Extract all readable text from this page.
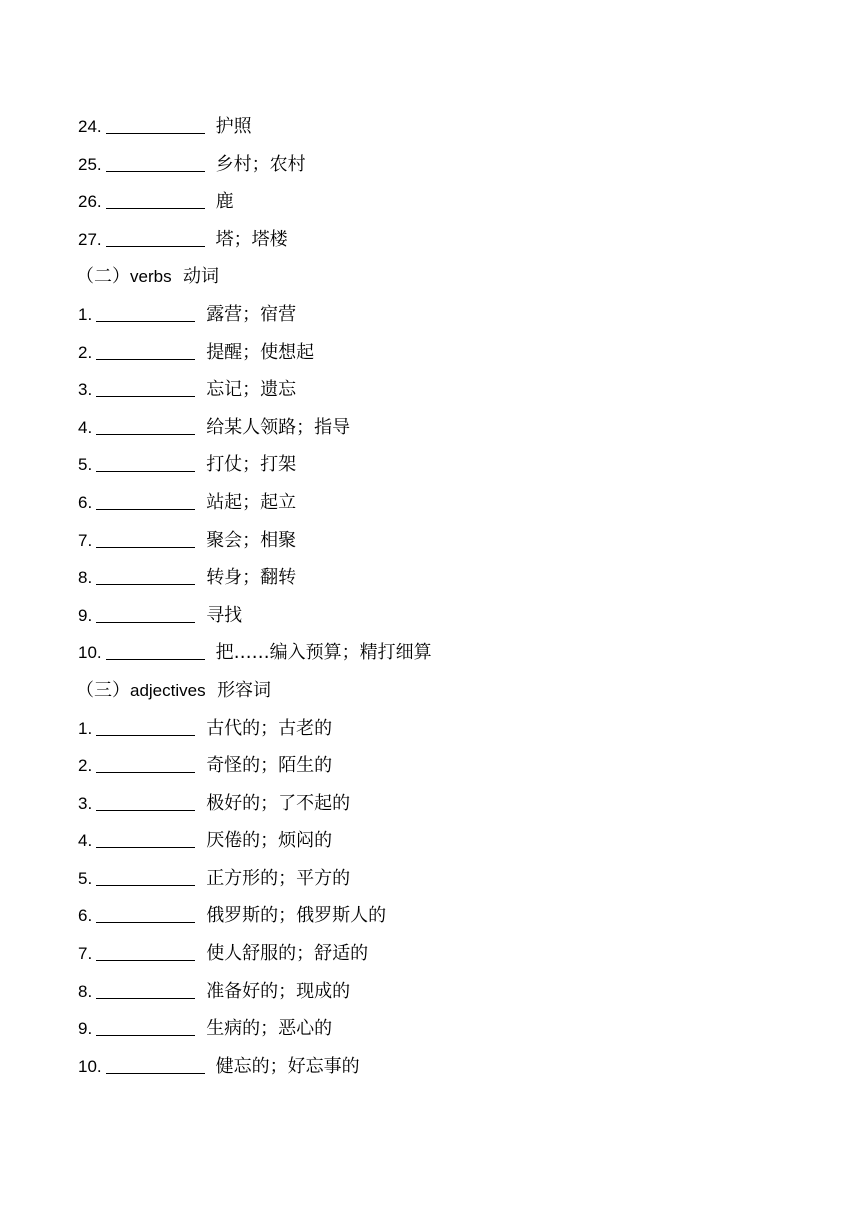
24.	护照
25.	乡村；农村
26.	鹿
27.	塔；塔楼
（二）verbs 动词
1.	露营；宿营
2.	提醒；使想起
3.	忘记；遗忘
4.	给某人领路；指导
5.	打仗；打架
6.	站起；起立
7.	聚会；相聚
8.	转身；翻转
9.	寻找
10.	把……编入预算；精打细算
（三）adjectives 形容词
1.	古代的；古老的
2.	奇怪的；陌生的
3.	极好的；了不起的
4.	厌倦的；烦闷的
5.	正方形的；平方的
6.	俄罗斯的；俄罗斯人的
7.	使人舒服的；舒适的
8.	准备好的；现成的
9.	生病的；恶心的
10.	健忘的；好忘事的
